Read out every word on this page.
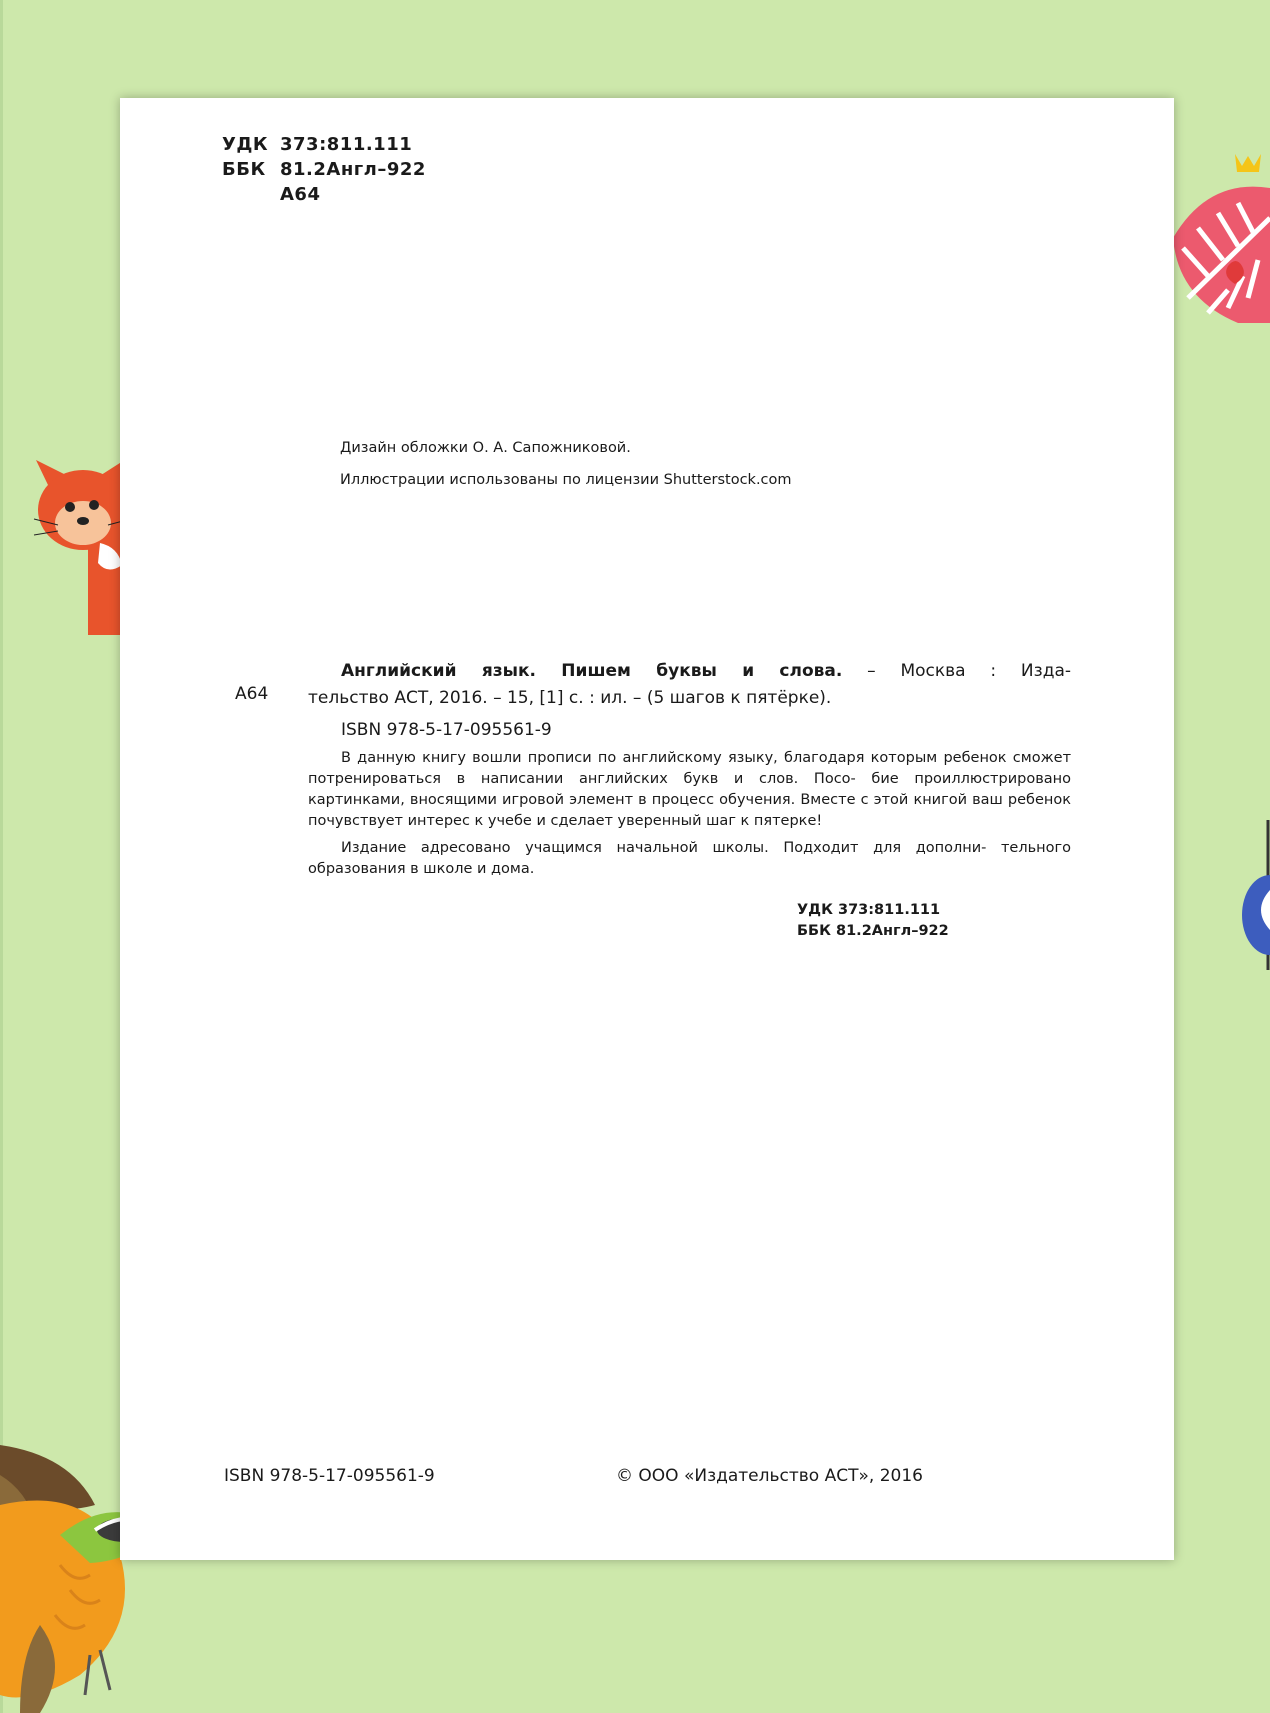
УДК 373:811.111
ББК 81.2Англ–922
А64
Дизайн обложки О. А. Сапожниковой.
Иллюстрации использованы по лицензии Shutterstock.com
А64
Английский язык. Пишем буквы и слова. – Москва : Изда-
тельство АСТ, 2016. – 15, [1] с. : ил. – (5 шагов к пятёрке).
ISBN 978-5-17-095561-9

В данную книгу вошли прописи по английскому языку, благодаря которым ребенок сможет потренироваться в написании английских букв и слов. Посо- бие проиллюстрировано картинками, вносящими игровой элемент в процесс обучения. Вместе с этой книгой ваш ребенок почувствует интерес к учебе и сделает уверенный шаг к пятерке!

Издание адресовано учащимся начальной школы. Подходит для дополни- тельного образования в школе и дома.

УДК 373:811.111
ББК 81.2Англ–922
ISBN 978-5-17-095561-9	© ООО «Издательство АСТ», 2016
